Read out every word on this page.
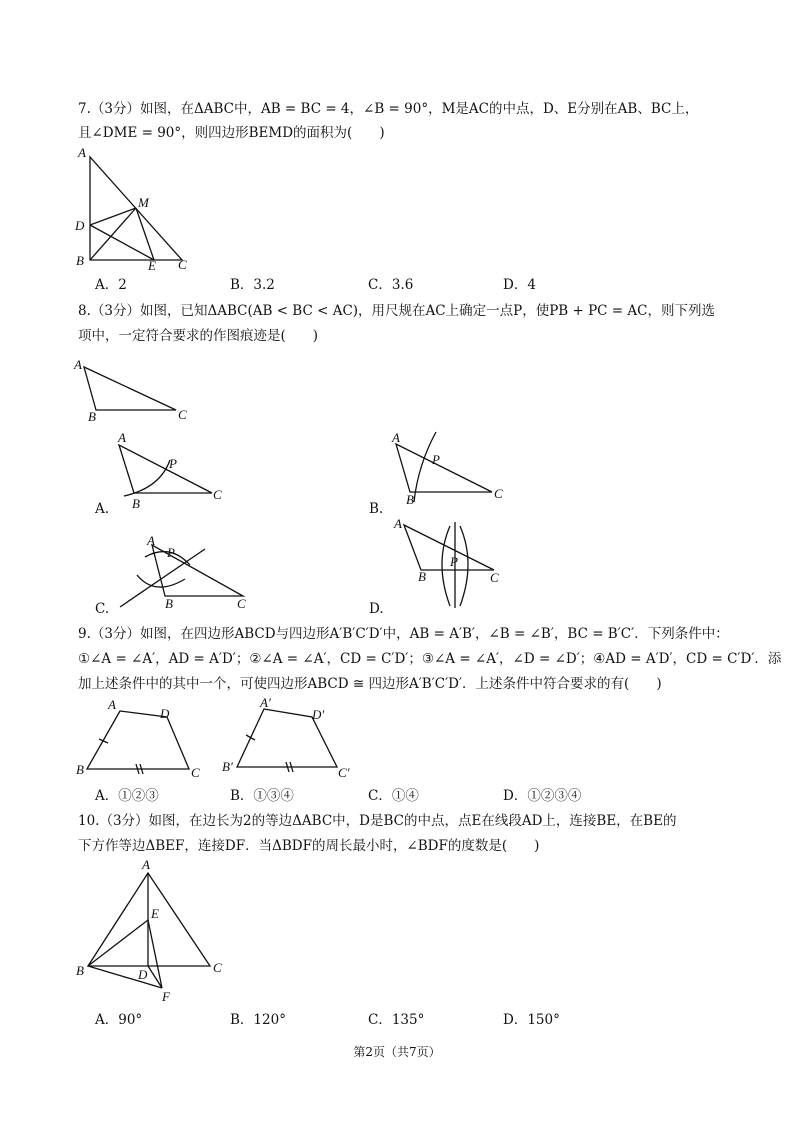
7.（3分）如图，在ΔABC中，AB = BC = 4，∠B = 90°，M是AC的中点，D、E分别在AB、BC上，
且∠DME = 90°，则四边形BEMD的面积为(　　)
A
D
B
M
E C
A．2	B．3.2	C．3.6	D．4
8.（3分）如图，已知ΔABC(AB < BC < AC)，用尺规在AC上确定一点P，使PB + PC = AC，则下列选
项中，一定符合要求的作图痕迹是(　　)
A
B	C
A
P
B
C
A.
A
P
B	C
B.
A
P
B	C
C.
A
P
B	C
D.
9.（3分）如图，在四边形ABCD与四边形A′B′C′D′中，AB = A′B′，∠B = ∠B′，BC = B′C′．下列条件中：
①∠A = ∠A′，AD = A′D′；②∠A = ∠A′，CD = C′D′；③∠A = ∠A′，∠D = ∠D′；④AD = A′D′，CD = C′D′．添
加上述条件中的其中一个，可使四边形ABCD ≅ 四边形A′B′C′D′．上述条件中符合要求的有(　　)
A
D
B	C
A′
D′
B′	C′
A．①②③	B．①③④	C．①④	D．①②③④
10.（3分）如图，在边长为2的等边ΔABC中，D是BC的中点，点E在线段AD上，连接BE，在BE的
下方作等边ΔBEF，连接DF．当ΔBDF的周长最小时，∠BDF的度数是(　　)
A
E
B	D	C
F
A．90°	B．120°	C．135°	D．150°
第2页（共7页）
